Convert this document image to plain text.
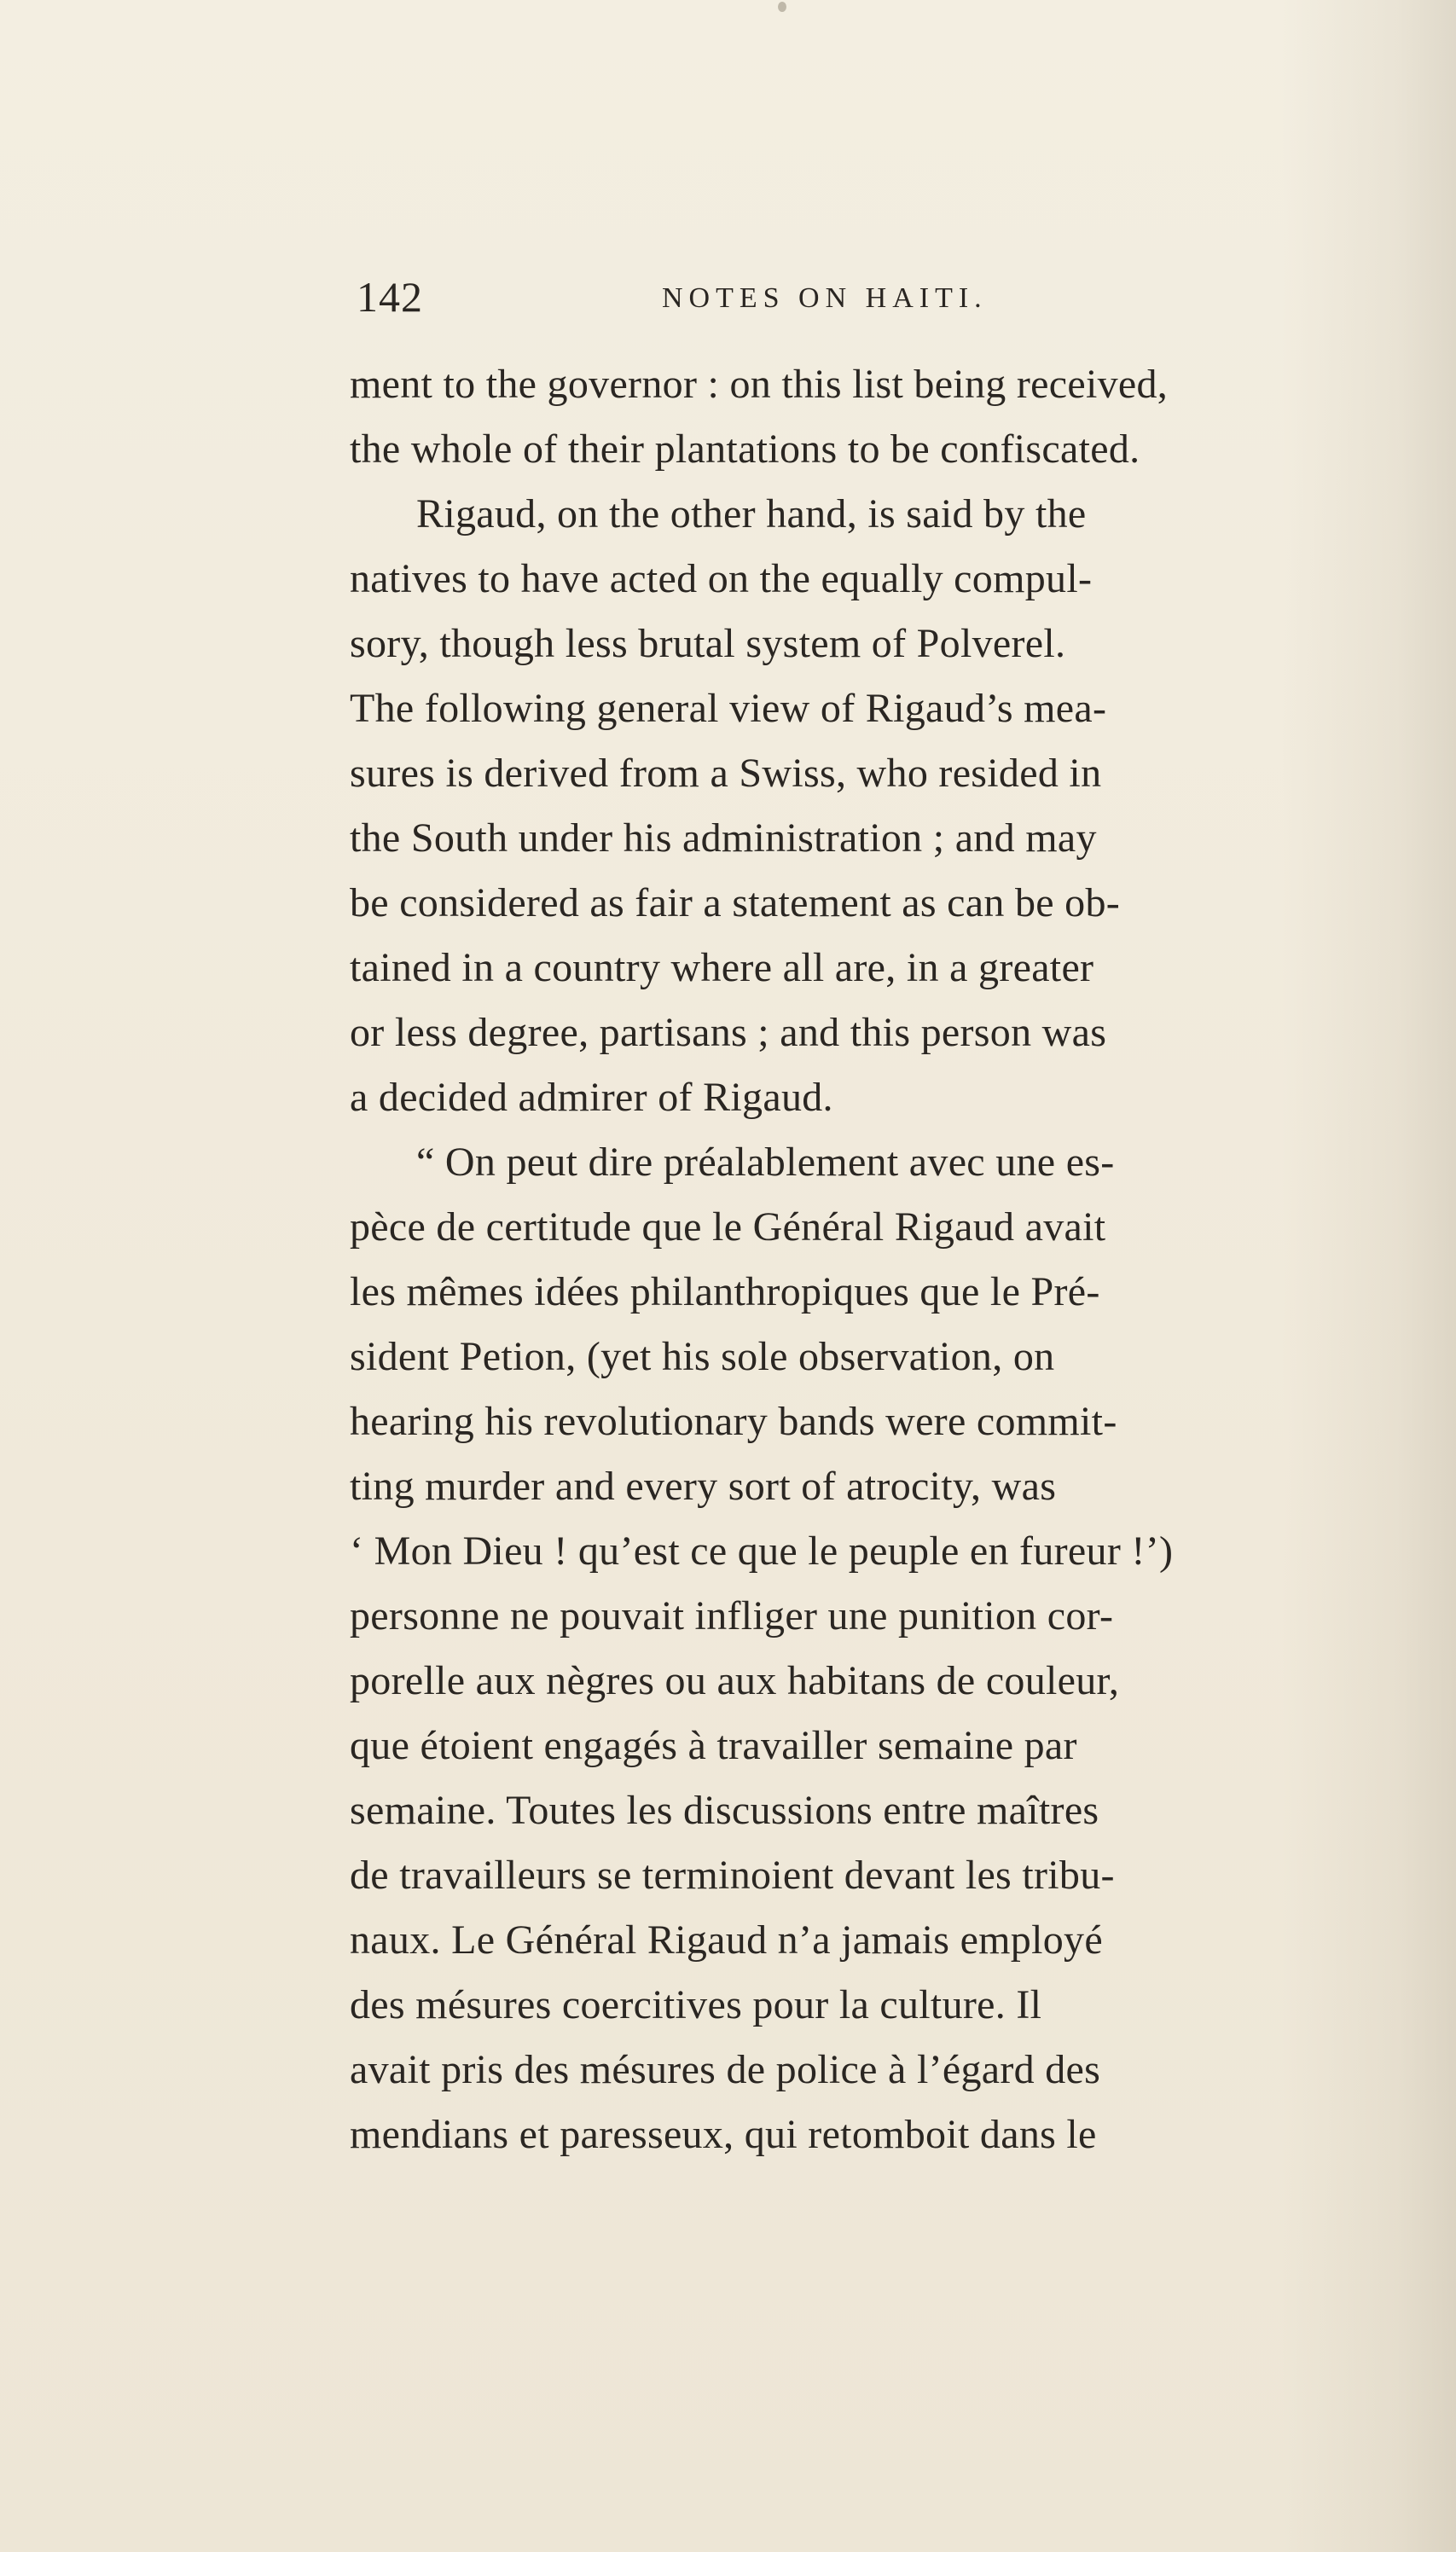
142	NOTES ON HAITI.
ment to the governor : on this list being received,
the whole of their plantations to be confiscated.
Rigaud, on the other hand, is said by the
natives to have acted on the equally compul-
sory, though less brutal system of Polverel.
The following general view of Rigaud’s mea-
sures is derived from a Swiss, who resided in
the South under his administration ; and may
be considered as fair a statement as can be ob-
tained in a country where all are, in a greater
or less degree, partisans ; and this person was
a decided admirer of Rigaud.
“ On peut dire préalablement avec une es-
pèce de certitude que le Général Rigaud avait
les mêmes idées philanthropiques que le Pré-
sident Petion, (yet his sole observation, on
hearing his revolutionary bands were commit-
ting murder and every sort of atrocity, was
‘ Mon Dieu ! qu’est ce que le peuple en fureur !’)
personne ne pouvait infliger une punition cor-
porelle aux nègres ou aux habitans de couleur,
que étoient engagés à travailler semaine par
semaine. Toutes les discussions entre maîtres
de travailleurs se terminoient devant les tribu-
naux. Le Général Rigaud n’a jamais employé
des mésures coercitives pour la culture. Il
avait pris des mésures de police à l’égard des
mendians et paresseux, qui retomboit dans le
